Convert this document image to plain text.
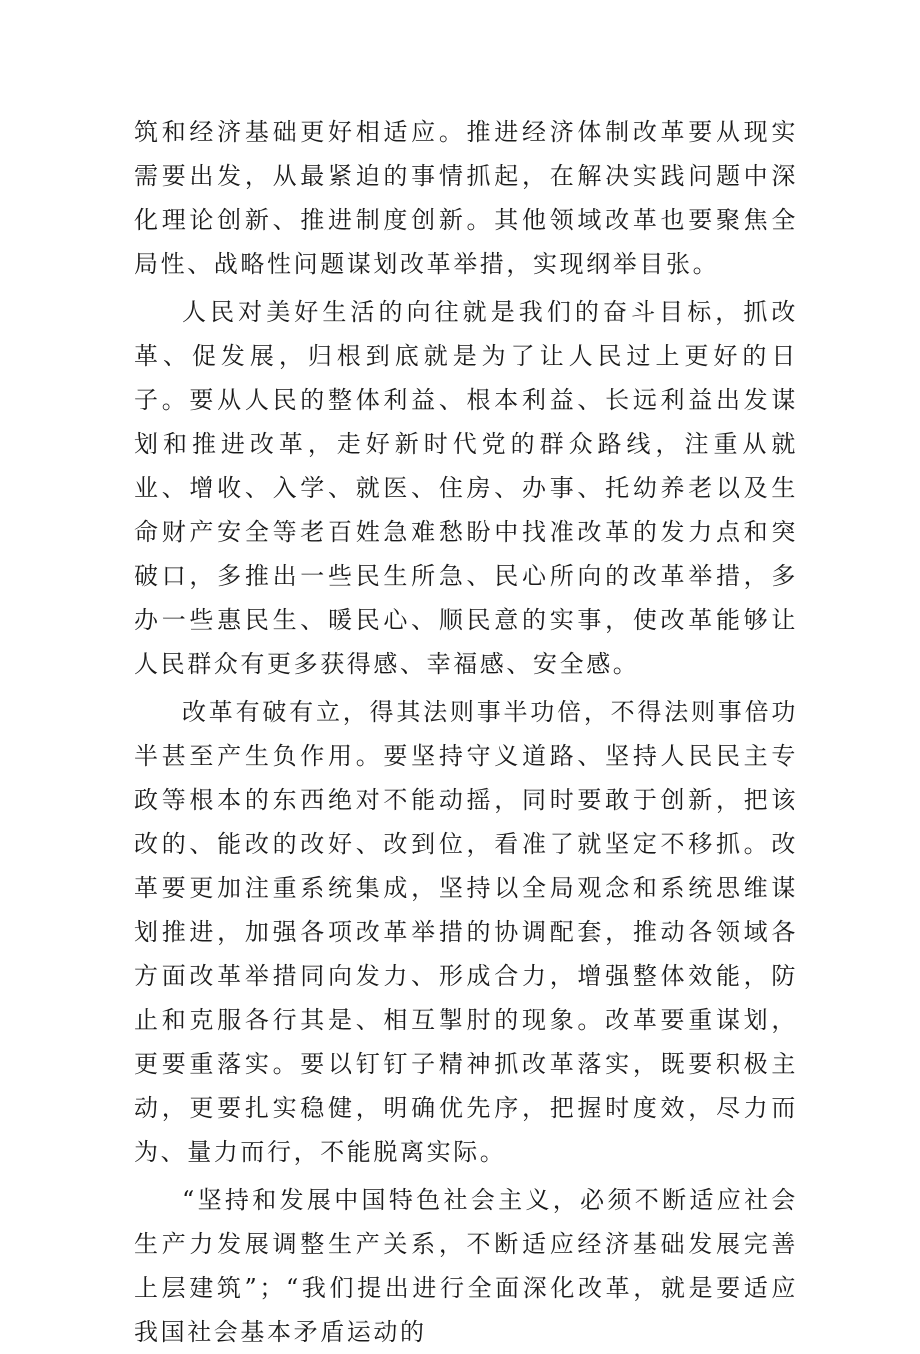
筑和经济基础更好相适应。推进经济体制改革要从现实需要出发，从最紧迫的事情抓起，在解决实践问题中深化理论创新、推进制度创新。其他领域改革也要聚焦全局性、战略性问题谋划改革举措，实现纲举目张。

人民对美好生活的向往就是我们的奋斗目标，抓改革、促发展，归根到底就是为了让人民过上更好的日子。要从人民的整体利益、根本利益、长远利益出发谋划和推进改革，走好新时代党的群众路线，注重从就业、增收、入学、就医、住房、办事、托幼养老以及生命财产安全等老百姓急难愁盼中找准改革的发力点和突破口，多推出一些民生所急、民心所向的改革举措，多办一些惠民生、暖民心、顺民意的实事，使改革能够让人民群众有更多获得感、幸福感、安全感。

改革有破有立，得其法则事半功倍，不得法则事倍功半甚至产生负作用。要坚持守义道路、坚持人民民主专政等根本的东西绝对不能动摇，同时要敢于创新，把该改的、能改的改好、改到位，看准了就坚定不移抓。改革要更加注重系统集成，坚持以全局观念和系统思维谋划推进，加强各项改革举措的协调配套，推动各领域各方面改革举措同向发力、形成合力，增强整体效能，防止和克服各行其是、相互掣肘的现象。改革要重谋划，更要重落实。要以钉钉子精神抓改革落实，既要积极主动，更要扎实稳健，明确优先序，把握时度效，尽力而为、量力而行，不能脱离实际。

“坚持和发展中国特色社会主义，必须不断适应社会生产力发展调整生产关系，不断适应经济基础发展完善上层建筑”；“我们提出进行全面深化改革，就是要适应我国社会基本矛盾运动的
